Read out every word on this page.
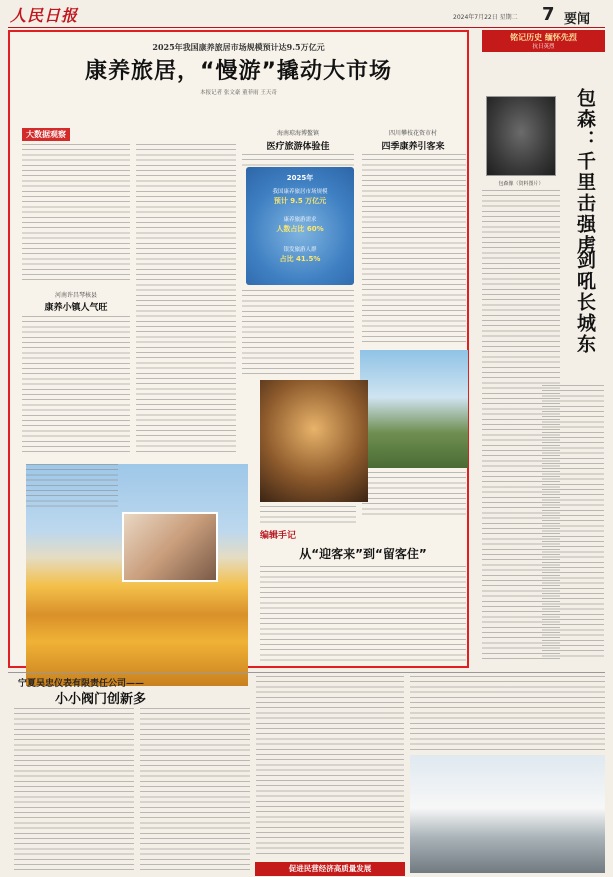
人民日报	2024年7月22日 星期二 7 要闻
2025年我国康养旅居市场规模预计达9.5万亿元
康养旅居，“慢游”撬动大市场
本报记者 张文豪 董菲雨 王天奇
大数据观察
河南许昌琴核县
康养小镇人气旺
海南琼海博鳌镇
医疗旅游体验佳
2025年
我国康养旅居市场规模
预计 9.5 万亿元
康养旅游需求
人数占比 60%
银发旅游人群
占比 41.5%
四川攀枝花资市村
四季康养引客来
编辑手记
从“迎客来”到“留客住”
铭记历史 缅怀先烈
抗日英烈
包森像（资料图片）	包森：千里击强虏
剑吼长城东
宁夏吴忠仪表有限责任公司——
小小阀门创新多
促进民营经济高质量发展
